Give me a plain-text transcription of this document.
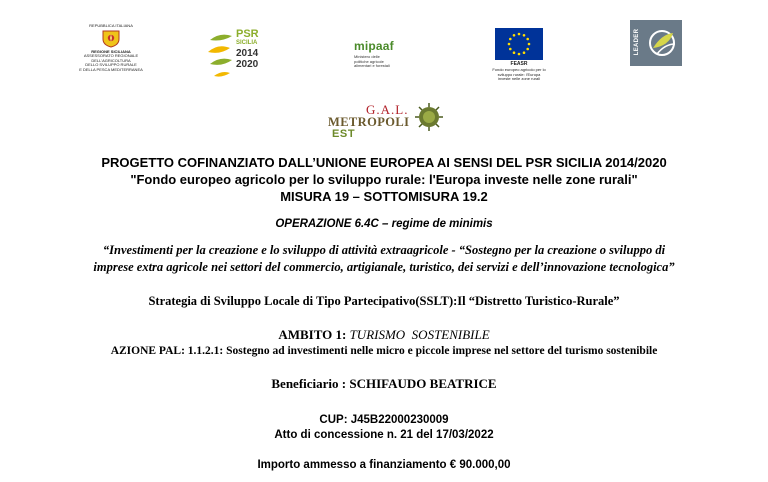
REPUBBLICA ITALIANA
REGIONE SICILIANA
ASSESSORATO REGIONALE
DELL'AGRICOLTURA
DELLO SVILUPPO RURALE
E DELLA PESCA MEDITERRANEA
PSR
SICILIA
2014
2020
mipaaf
Ministero delle
politiche agricole
alimentari e forestali	FEASR
Fondo europeo agricolo per lo
sviluppo rurale: l'Europa
investe nelle zone rurali
LEADER
G.A.L.
METROPOLI
EST
PROGETTO COFINANZIATO DALL’UNIONE EUROPEA AI SENSI DEL PSR SICILIA 2014/2020
"Fondo europeo agricolo per lo sviluppo rurale: l'Europa investe nelle zone rurali"
MISURA 19 – SOTTOMISURA 19.2
OPERAZIONE 6.4C – regime de minimis
“Investimenti per la creazione e lo sviluppo di attività extraagricole - “Sostegno per la creazione o sviluppo di
imprese extra agricole nei settori del commercio, artigianale, turistico, dei servizi e dell’innovazione tecnologica”
Strategia di Sviluppo Locale di Tipo Partecipativo(SSLT):Il “Distretto Turistico-Rurale”
AMBITO 1: TURISMO  SOSTENIBILE
AZIONE PAL: 1.1.2.1: Sostegno ad investimenti nelle micro e piccole imprese nel settore del turismo sostenibile
Beneficiario : SCHIFAUDO BEATRICE
CUP: J45B22000230009
Atto di concessione n. 21 del 17/03/2022
Importo ammesso a finanziamento € 90.000,00
